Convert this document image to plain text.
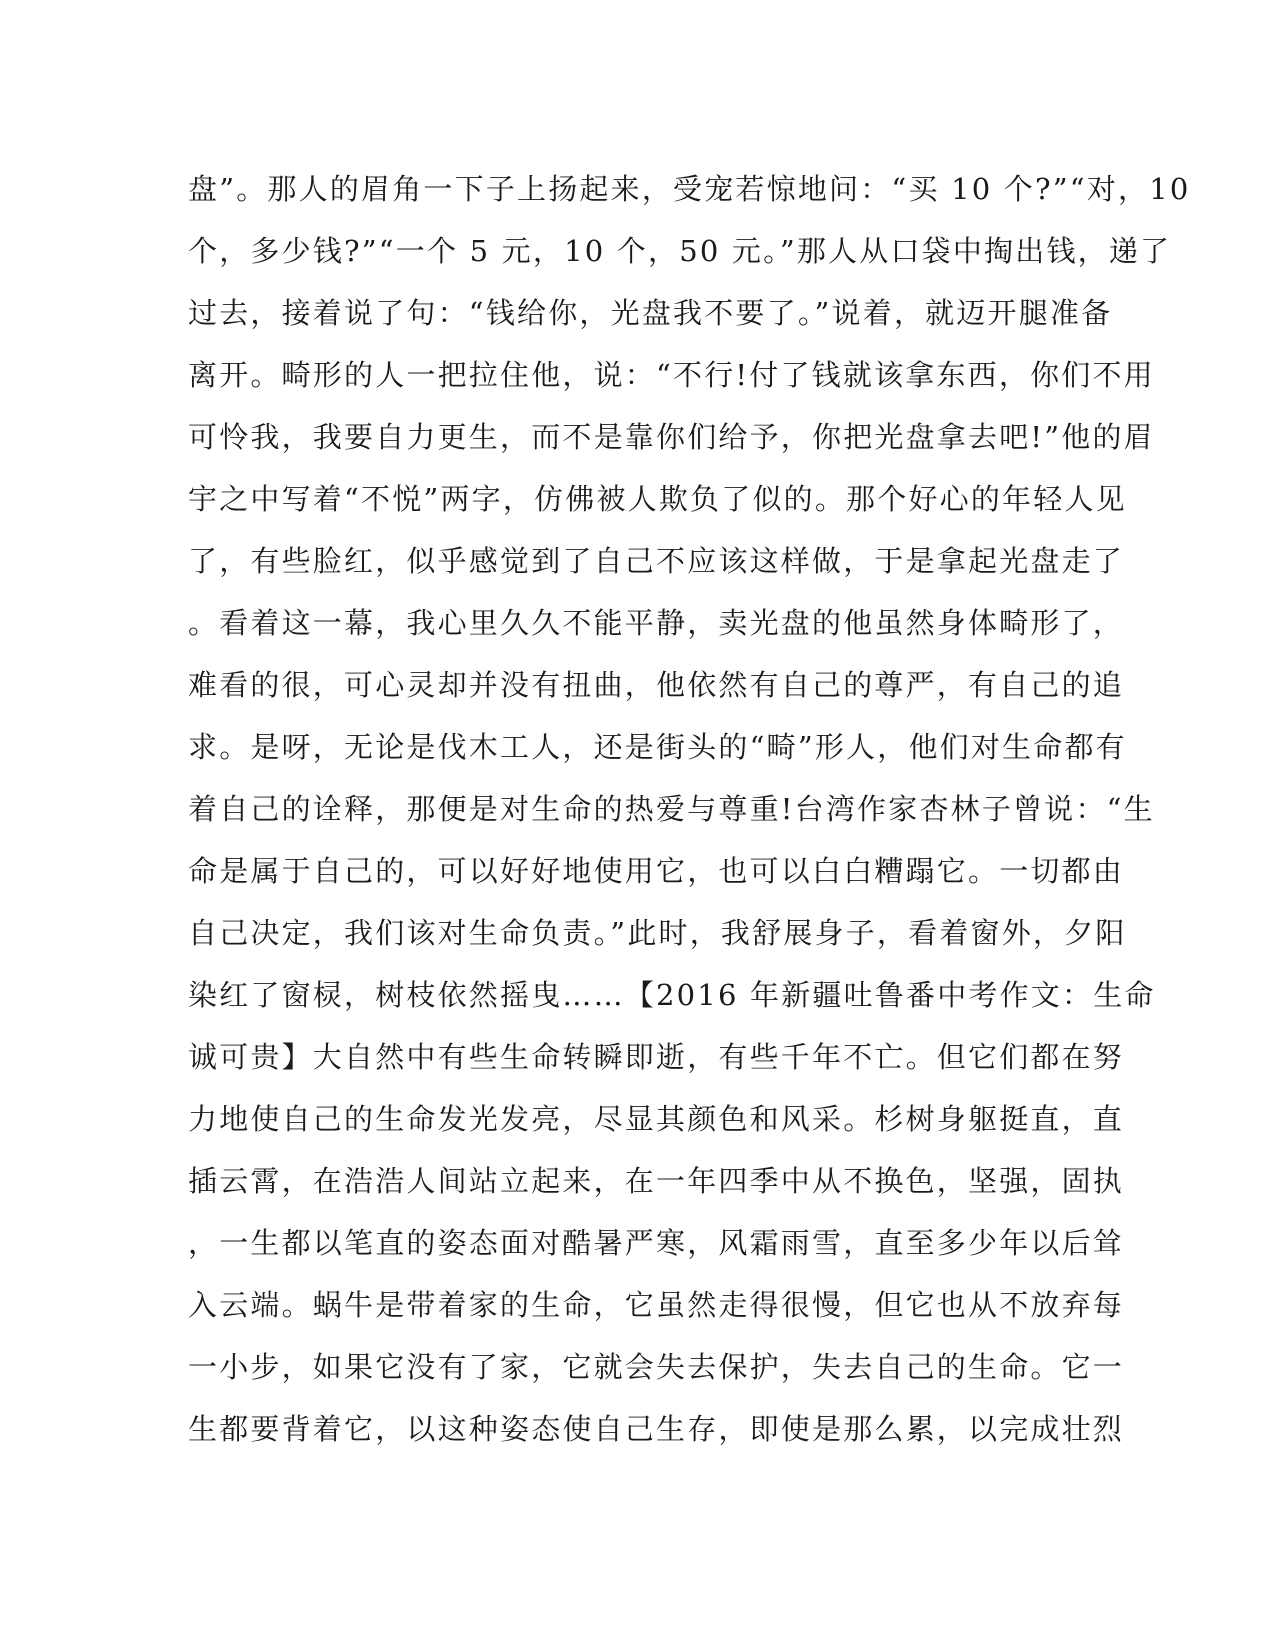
盘”。那人的眉角一下子上扬起来，受宠若惊地问：“买 10 个?”“对，10
个，多少钱?”“一个 5 元，10 个，50 元。”那人从口袋中掏出钱，递了
过去，接着说了句：“钱给你，光盘我不要了。”说着，就迈开腿准备
离开。畸形的人一把拉住他，说：“不行!付了钱就该拿东西，你们不用
可怜我，我要自力更生，而不是靠你们给予，你把光盘拿去吧!”他的眉
宇之中写着“不悦”两字，仿佛被人欺负了似的。那个好心的年轻人见
了，有些脸红，似乎感觉到了自己不应该这样做，于是拿起光盘走了
。看着这一幕，我心里久久不能平静，卖光盘的他虽然身体畸形了，
难看的很，可心灵却并没有扭曲，他依然有自己的尊严，有自己的追
求。是呀，无论是伐木工人，还是街头的“畸”形人，他们对生命都有
着自己的诠释，那便是对生命的热爱与尊重!台湾作家杏林子曾说：“生
命是属于自己的，可以好好地使用它，也可以白白糟蹋它。一切都由
自己决定，我们该对生命负责。”此时，我舒展身子，看着窗外，夕阳
染红了窗棂，树枝依然摇曳……【2016 年新疆吐鲁番中考作文：生命
诚可贵】大自然中有些生命转瞬即逝，有些千年不亡。但它们都在努
力地使自己的生命发光发亮，尽显其颜色和风采。杉树身躯挺直，直
插云霄，在浩浩人间站立起来，在一年四季中从不换色，坚强，固执
，一生都以笔直的姿态面对酷暑严寒，风霜雨雪，直至多少年以后耸
入云端。蜗牛是带着家的生命，它虽然走得很慢，但它也从不放弃每
一小步，如果它没有了家，它就会失去保护，失去自己的生命。它一
生都要背着它，以这种姿态使自己生存，即使是那么累，以完成壮烈
